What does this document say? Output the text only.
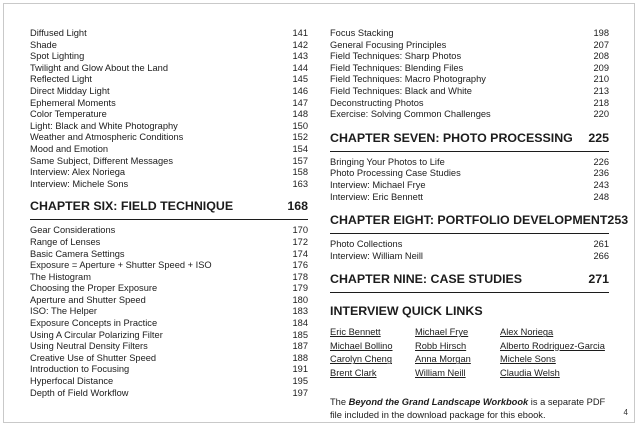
Diffused Light	141
Shade	142
Spot Lighting	143
Twilight and Glow About the Land	144
Reflected Light	145
Direct Midday Light	146
Ephemeral Moments	147
Color Temperature	148
Light: Black and White Photography	150
Weather and Atmospheric Conditions	152
Mood and Emotion	154
Same Subject, Different Messages	157
Interview: Alex Noriega	158
Interview: Michele Sons	163
CHAPTER SIX: FIELD TECHNIQUE	168
Gear Considerations	170
Range of Lenses	172
Basic Camera Settings	174
Exposure = Aperture + Shutter Speed + ISO	176
The Histogram	178
Choosing the Proper Exposure	179
Aperture and Shutter Speed	180
ISO: The Helper	183
Exposure Concepts in Practice	184
Using A Circular Polarizing Filter	185
Using Neutral Density Filters	187
Creative Use of Shutter Speed	188
Introduction to Focusing	191
Hyperfocal Distance	195
Depth of Field Workflow	197
Focus Stacking	198
General Focusing Principles	207
Field Techniques: Sharp Photos	208
Field Techniques: Blending Files	209
Field Techniques: Macro Photography	210
Field Techniques: Black and White	213
Deconstructing Photos	218
Exercise: Solving Common Challenges	220
CHAPTER SEVEN: PHOTO PROCESSING 225
Bringing Your Photos to Life	226
Photo Processing Case Studies	236
Interview: Michael Frye	243
Interview: Eric Bennett	248
CHAPTER EIGHT: PORTFOLIO DEVELOPMENT 253
Photo Collections	261
Interview: William Neill	266
CHAPTER NINE: CASE STUDIES	271
INTERVIEW QUICK LINKS
Eric Bennett	Michael Frye	Alex Noriega
Michael Bollino	Robb Hirsch	Alberto Rodriguez-Garcia
Carolyn Cheng	Anna Morgan	Michele Sons
Brent Clark	William Neill	Claudia Welsh
The Beyond the Grand Landscape Workbook is a separate PDF file included in the download package for this ebook.	4
